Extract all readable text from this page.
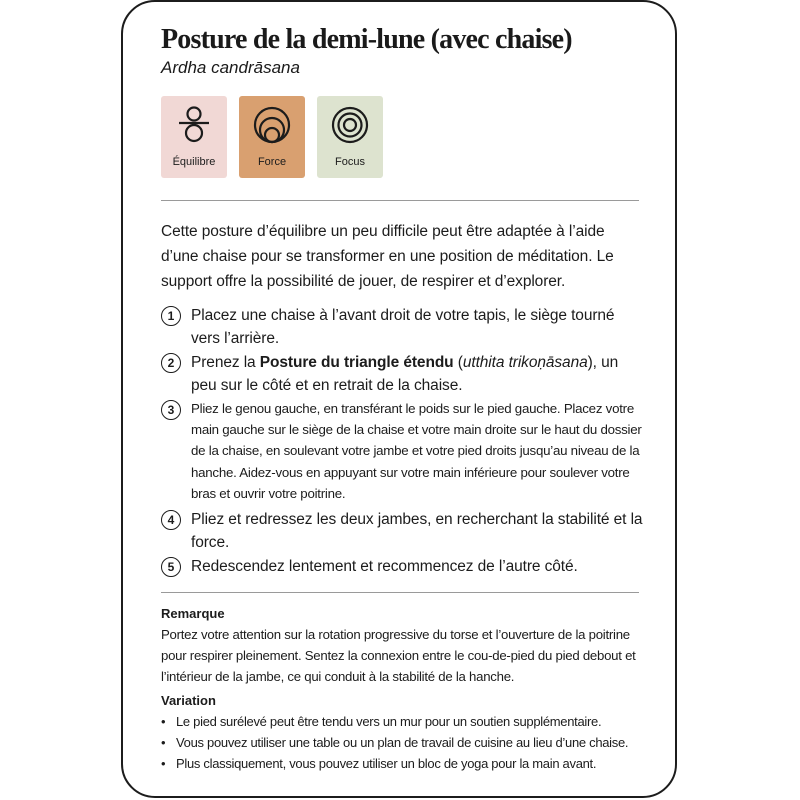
Posture de la demi-lune (avec chaise)
Ardha candrāsana
Équilibre	Force	Focus
Cette posture d’équilibre un peu difficile peut être adaptée à l’aide d’une chaise pour se transformer en une position de méditation. Le support offre la possibilité de jouer, de respirer et d’explorer.
1	Placez une chaise à l’avant droit de votre tapis, le siège tourné vers l’arrière.
2	Prenez la Posture du triangle étendu (utthita trikoṇāsana), un peu sur le côté et en retrait de la chaise.
3	Pliez le genou gauche, en transférant le poids sur le pied gauche. Placez votre main gauche sur le siège de la chaise et votre main droite sur le haut du dossier de la chaise, en soulevant votre jambe et votre pied droits jusqu’au niveau de la hanche. Aidez-vous en appuyant sur votre main inférieure pour soulever votre bras et ouvrir votre poitrine.
4	Pliez et redressez les deux jambes, en recherchant la stabilité et la force.
5	Redescendez lentement et recommencez de l’autre côté.
Remarque
Portez votre attention sur la rotation progressive du torse et l’ouverture de la poitrine pour respirer pleinement. Sentez la connexion entre le cou-de-pied du pied debout et l’intérieur de la jambe, ce qui conduit à la stabilité de la hanche.
Variation
• Le pied surélevé peut être tendu vers un mur pour un soutien supplémentaire.
• Vous pouvez utiliser une table ou un plan de travail de cuisine au lieu d’une chaise.
• Plus classiquement, vous pouvez utiliser un bloc de yoga pour la main avant.
